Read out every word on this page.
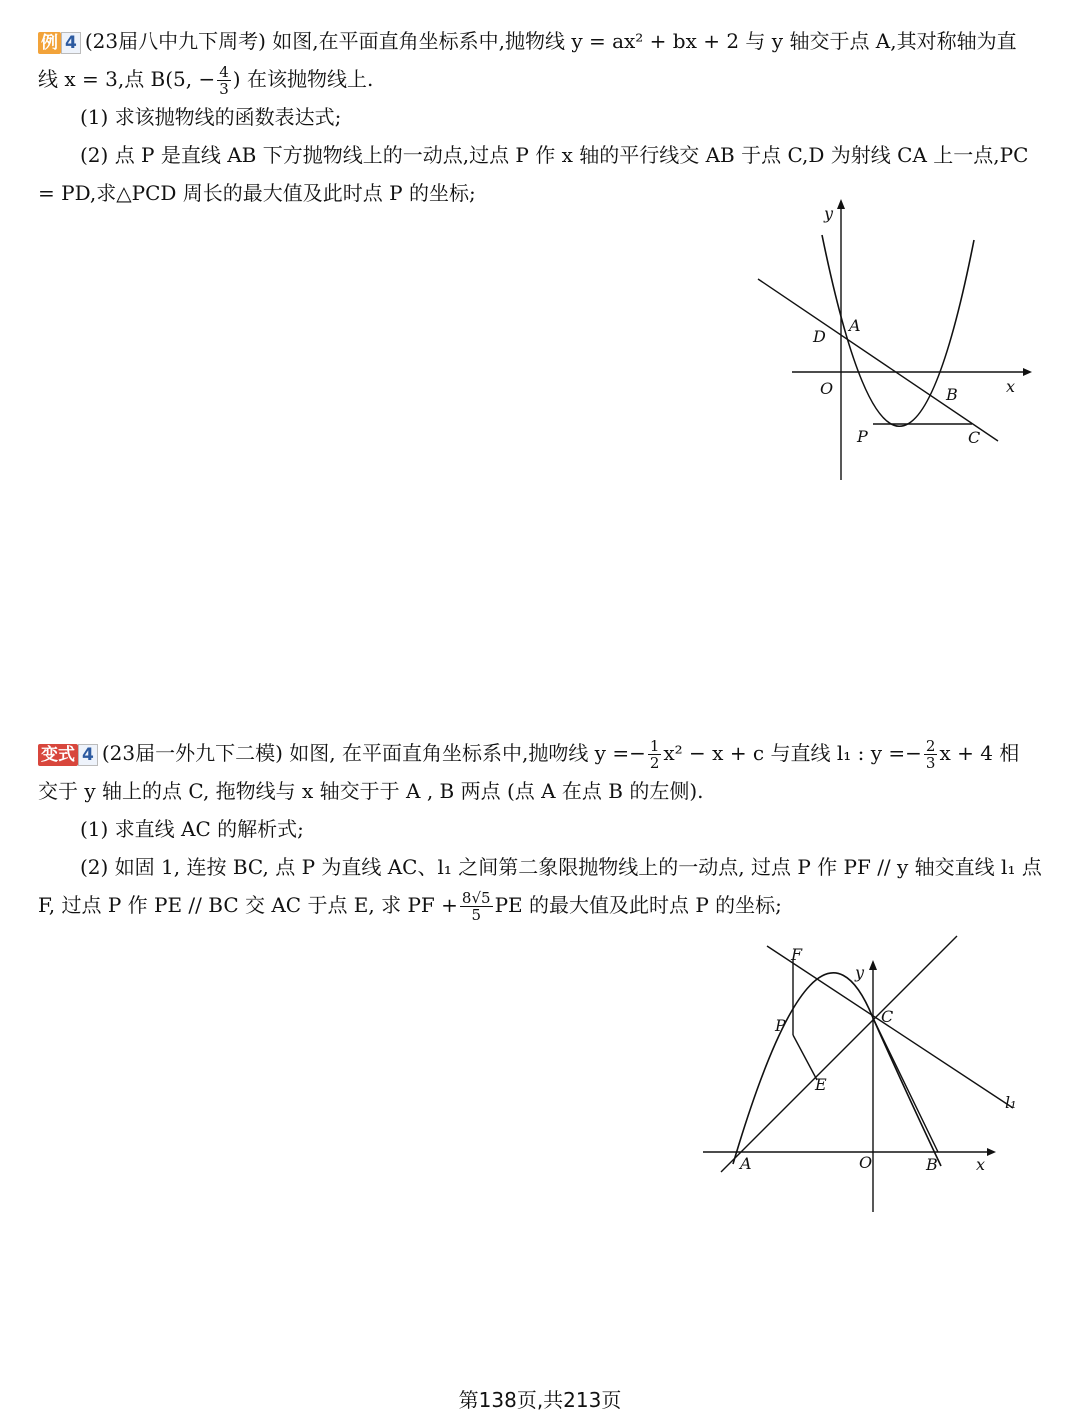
例 4 (23届八中九下周考) 如图,在平面直角坐标系中,抛物线 y = ax² + bx + 2 与 y 轴交于点 A,其对称轴为直
线 x = 3,点 B(5, − $\frac{4}{3}$ ) 在该抛物线上.
(1) 求该抛物线的函数表达式;
(2) 点 P 是直线 AB 下方抛物线上的一动点,过点 P 作 x 轴的平行线交 AB 于点 C,D 为射线 CA 上一点,PC
= PD,求△PCD 周长的最大值及此时点 P 的坐标;
y
x
O
A
D
B
P	C
变式 4 (23届一外九下二模) 如图, 在平面直角坐标系中,抛吻线 $y =- \frac{1}{2} x^2 - x + c$ 与直线 l₁ : $y =- \frac{2}{3}$ x + 4 相
交于 y 轴上的点 C, 拖物线与 x 轴交于于 A , B 两点 (点 A 在点 B 的左侧).
(1) 求直线 AC 的解析式;
(2) 如固 1, 连按 BC, 点 P 为直线 AC、l₁ 之间第二象限抛物线上的一动点, 过点 P 作 PF // y 轴交直线 l₁ 点
F, 过点 P 作 PE // BC 交 AC 于点 E, 求 PF + $\frac{8√5}{5}$ PE 的最大值及此时点 P 的坐标;
F
y
C
P
E
l₁
A	O	B x
第138页,共213页
